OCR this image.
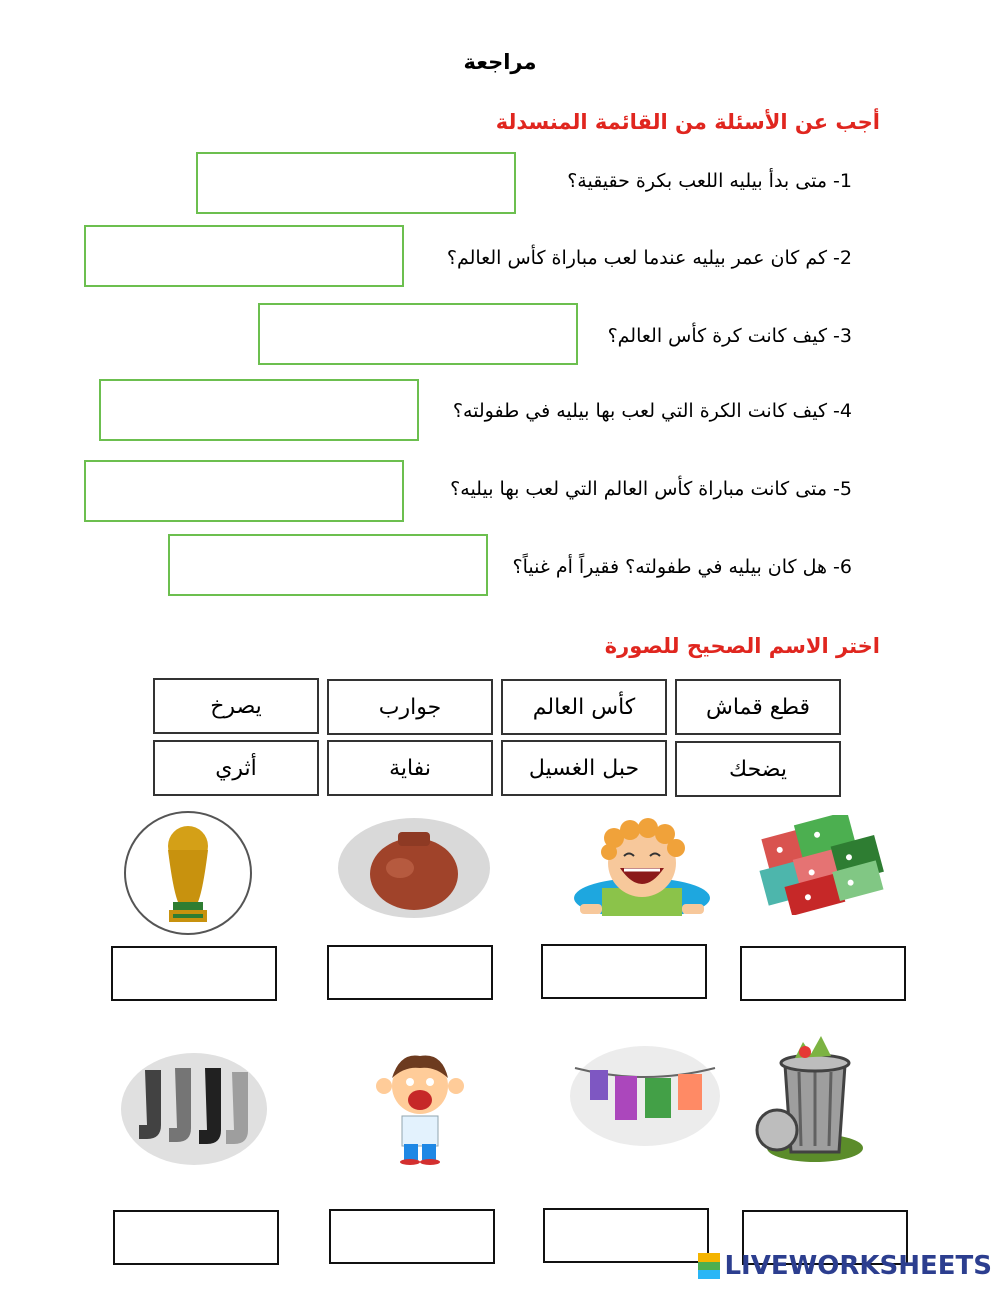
مراجعة
أجب عن الأسئلة من القائمة المنسدلة
1- متى بدأ بيليه اللعب بكرة حقيقية؟
2- كم كان عمر بيليه عندما لعب مباراة كأس العالم؟
3- كيف كانت كرة كأس العالم؟
4- كيف كانت الكرة التي لعب بها بيليه في طفولته؟
5- متى كانت مباراة كأس العالم التي لعب بها بيليه؟
6- هل كان بيليه في طفولته؟ فقيراً أم غنياً؟
اختر الاسم الصحيح للصورة
قطع قماش
كأس العالم
جوارب
يصرخ
يضحك
حبل الغسيل
نفاية
أثري
LIVEWORKSHEETS
